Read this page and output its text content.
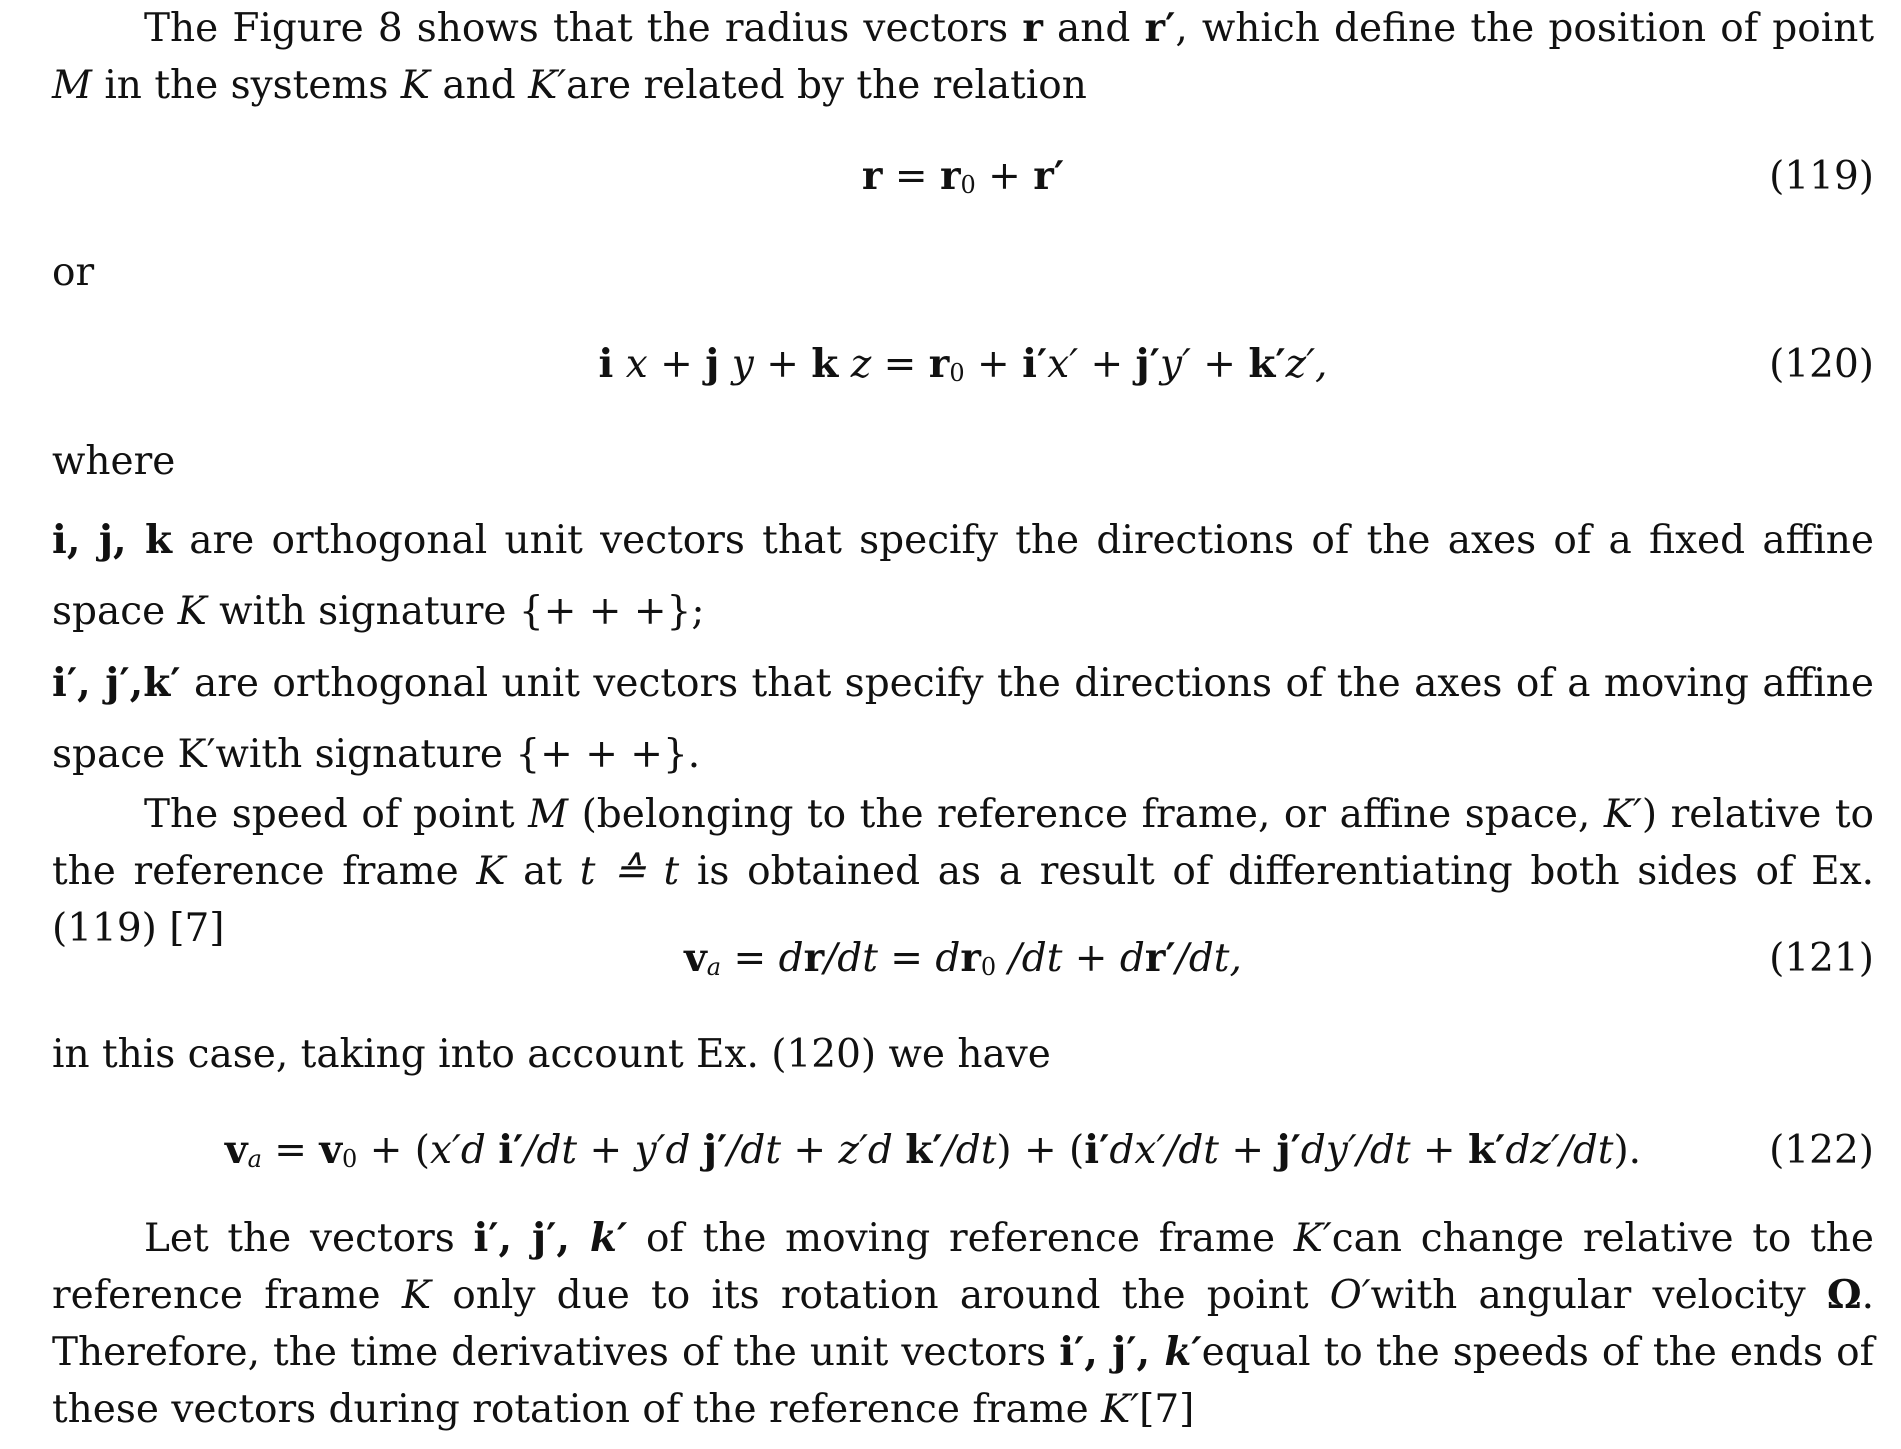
The Figure 8 shows that the radius vectors r and r′, which define the position of point M in the systems K and K′are related by the relation

r = r0 + r′	(119)

or

i x + j y + k z = r0 + i′x′ + j′y′ + k′z′,	(120)

where

i, j, k are orthogonal unit vectors that specify the directions of the axes of a fixed affine space K with signature {+ + +};

i′, j′,k′ are orthogonal unit vectors that specify the directions of the axes of a moving affine space K′with signature {+ + +}.

The speed of point M (belonging to the reference frame, or affine space, K′) relative to the reference frame K at t ≙ t is obtained as a result of differentiating both sides of Ex. (119) [7]

va = dr/dt = dr0 /dt + dr′/dt,	(121)

in this case, taking into account Ex. (120) we have

va = v0 + (x′d i′/dt + y′d j′/dt + z′d k′/dt) + (i′dx′/dt + j′dy′/dt + k′dz′/dt).	(122)

Let the vectors i′, j′, k′ of the moving reference frame K′can change relative to the reference frame K only due to its rotation around the point O′with angular velocity Ω. Therefore, the time derivatives of the unit vectors i′, j′, k′equal to the speeds of the ends of these vectors during rotation of the reference frame K′[7]
